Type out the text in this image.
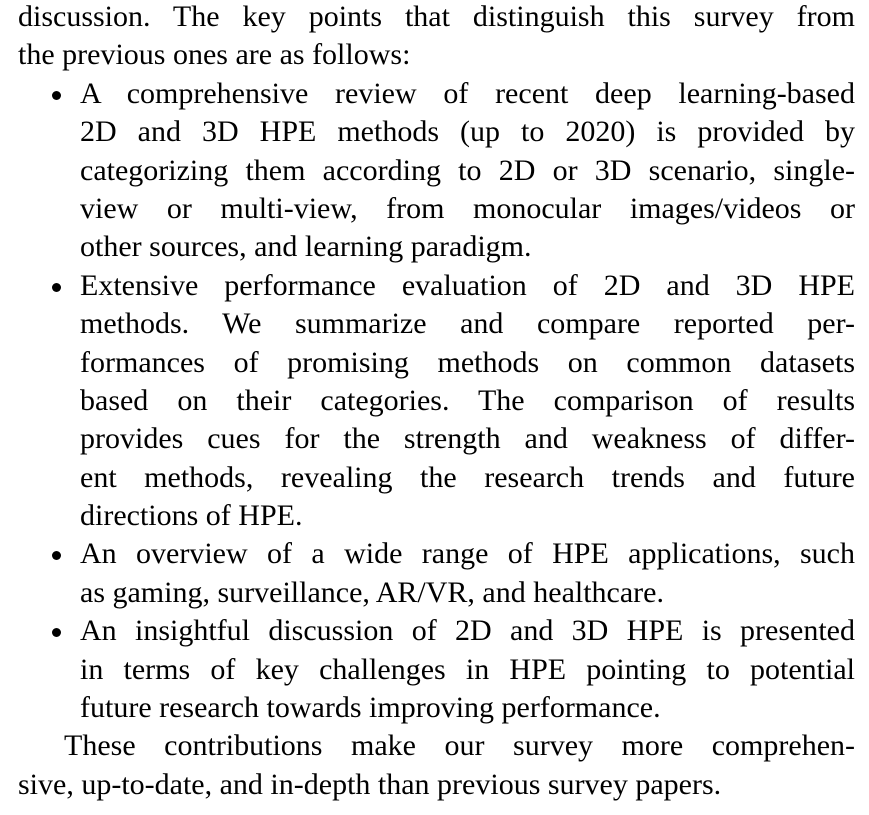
discussion. The key points that distinguish this survey from
the previous ones are as follows:
A comprehensive review of recent deep learning-based
2D and 3D HPE methods (up to 2020) is provided by
categorizing them according to 2D or 3D scenario, single-
view or multi-view, from monocular images/videos or
other sources, and learning paradigm.
Extensive performance evaluation of 2D and 3D HPE
methods. We summarize and compare reported per-
formances of promising methods on common datasets
based on their categories. The comparison of results
provides cues for the strength and weakness of differ-
ent methods, revealing the research trends and future
directions of HPE.
An overview of a wide range of HPE applications, such
as gaming, surveillance, AR/VR, and healthcare.
An insightful discussion of 2D and 3D HPE is presented
in terms of key challenges in HPE pointing to potential
future research towards improving performance.
These contributions make our survey more comprehen-
sive, up-to-date, and in-depth than previous survey papers.
